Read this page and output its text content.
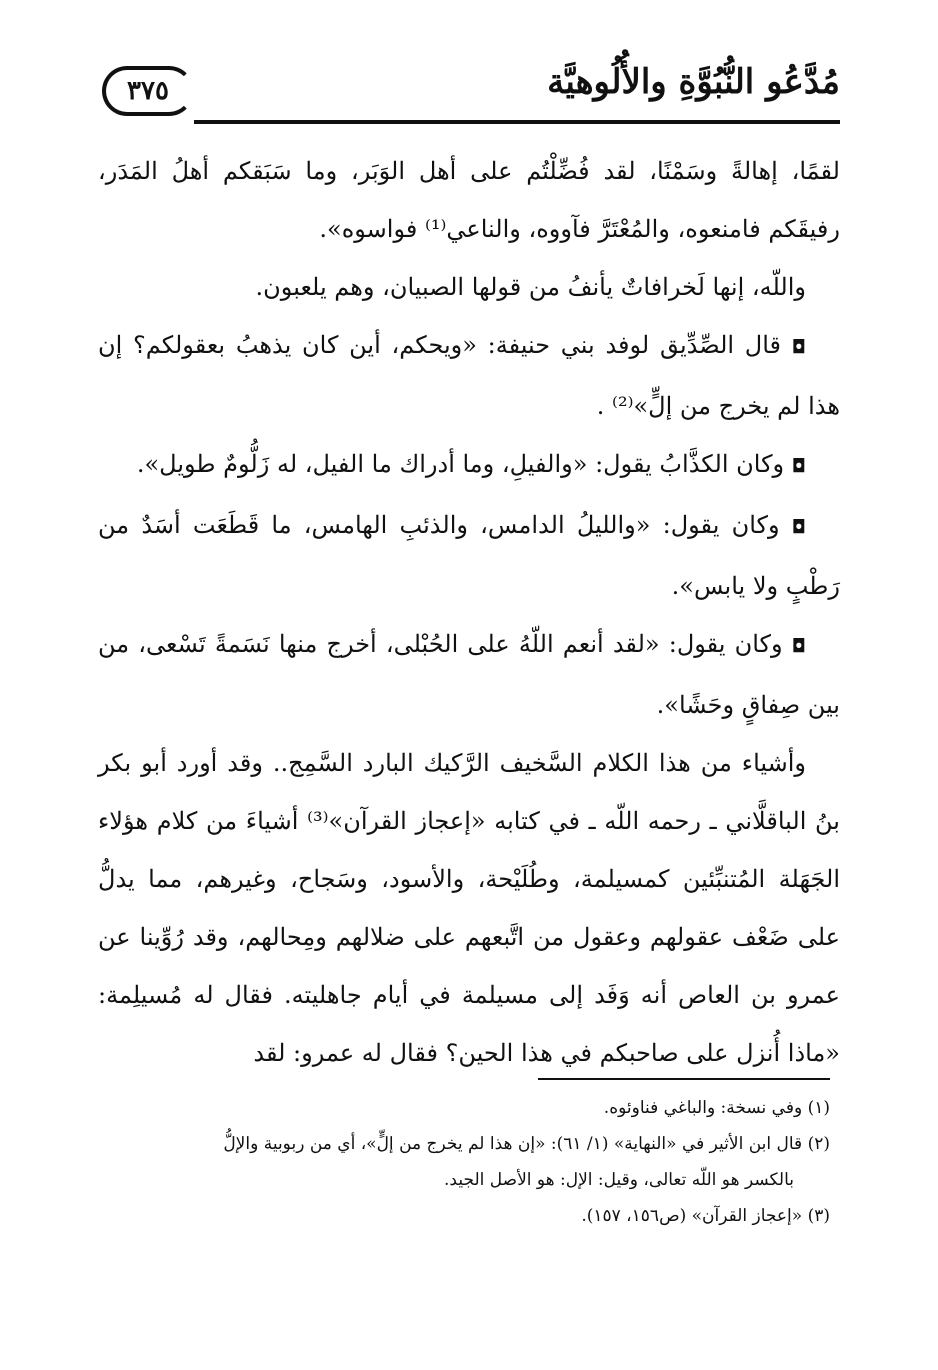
٣٧٥	مُدَّعُو النُّبُوَّةِ والأُلُوهيَّة

لقمًا، إهالةً وسَمْنًا، لقد فُضِّلْتُم على أهل الوَبَر، وما سَبَقكم أهلُ المَدَر، رفيقَكم فامنعوه، والمُعْتَرَّ فآووه، والناعي⁽¹⁾ فواسوه».

واللّه، إنها لَخرافاتٌ يأنفُ من قولها الصبيان، وهم يلعبون.

◘ قال الصِّدِّيق لوفد بني حنيفة: «ويحكم، أين كان يذهبُ بعقولكم؟ إن هذا لم يخرج من إلٍّ»⁽²⁾ .

◘ وكان الكذَّابُ يقول: «والفيلِ، وما أدراك ما الفيل، له زَلُّومٌ طويل».

◘ وكان يقول: «والليلُ الدامس، والذئبِ الهامس، ما قَطَعَت أسَدٌ من رَطْبٍ ولا يابس».

◘ وكان يقول: «لقد أنعم اللّهُ على الحُبْلى، أخرج منها نَسَمةً تَسْعى، من بين صِفاقٍ وحَشًا».

وأشياء من هذا الكلام السَّخيف الرَّكيك البارد السَّمِج.. وقد أورد أبو بكر بنُ الباقلَّاني ـ رحمه اللّه ـ في كتابه «إعجاز القرآن»⁽³⁾ أشياءَ من كلام هؤلاء الجَهَلة المُتنبِّئين كمسيلمة، وطُلَيْحة، والأسود، وسَجاح، وغيرهم، مما يدلُّ على ضَعْف عقولهم وعقول من اتَّبعهم على ضلالهم ومِحالهم، وقد رُوِّينا عن عمرو بن العاص أنه وَفَد إلى مسيلمة في أيام جاهليته. فقال له مُسيلِمة: «ماذا أُنزل على صاحبكم في هذا الحين؟ فقال له عمرو: لقد

(١) وفي نسخة: والباغي فناوئوه.

(٢) قال ابن الأثير في «النهاية» (١/ ٦١): «إن هذا لم يخرج من إلٍّ»، أي من ربوبية والإلُّ

بالكسر هو اللّه تعالى، وقيل: الإل: هو الأصل الجيد.

(٣) «إعجاز القرآن» (ص١٥٦، ١٥٧).
